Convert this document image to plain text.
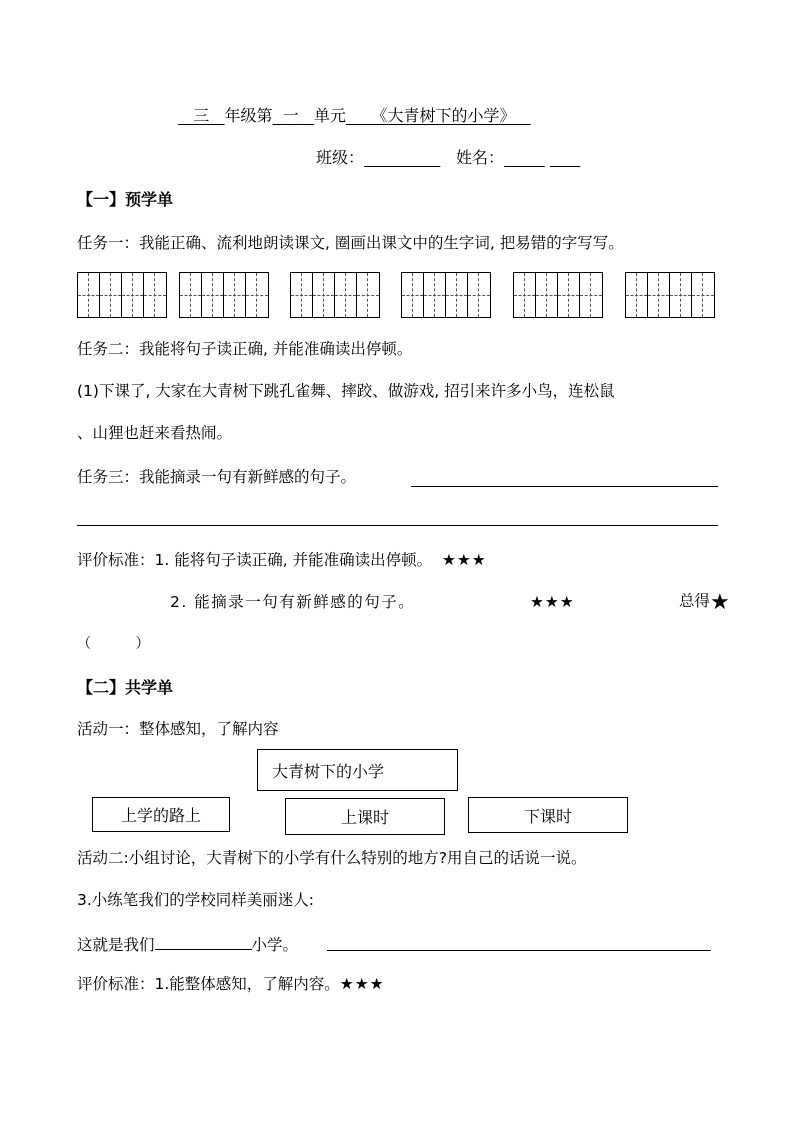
三 年级第 一 单元 《大青树下的小学》
班级：	姓名：
【一】预学单
任务一：我能正确、流利地朗读课文, 圈画出课文中的生字词, 把易错的字写写。
任务二：我能将句子读正确, 并能准确读出停顿。
(1)下课了, 大家在大青树下跳孔雀舞、摔跤、做游戏, 招引来许多小鸟，连松鼠
、山狸也赶来看热闹。
任务三：我能摘录一句有新鲜感的句子。
评价标准：1. 能将句子读正确, 并能准确读出停顿。 ★★★
2. 能摘录一句有新鲜感的句子。	★★★	总得★
（          ）
【二】共学单
活动一：整体感知，了解内容
大青树下的小学
上学的路上	上课时	下课时
活动二:小组讨论，大青树下的小学有什么特别的地方?用自己的话说一说。
3.小练笔我们的学校同样美丽迷人:
这就是我们	小学。
评价标准：1.能整体感知，了解内容。★★★
